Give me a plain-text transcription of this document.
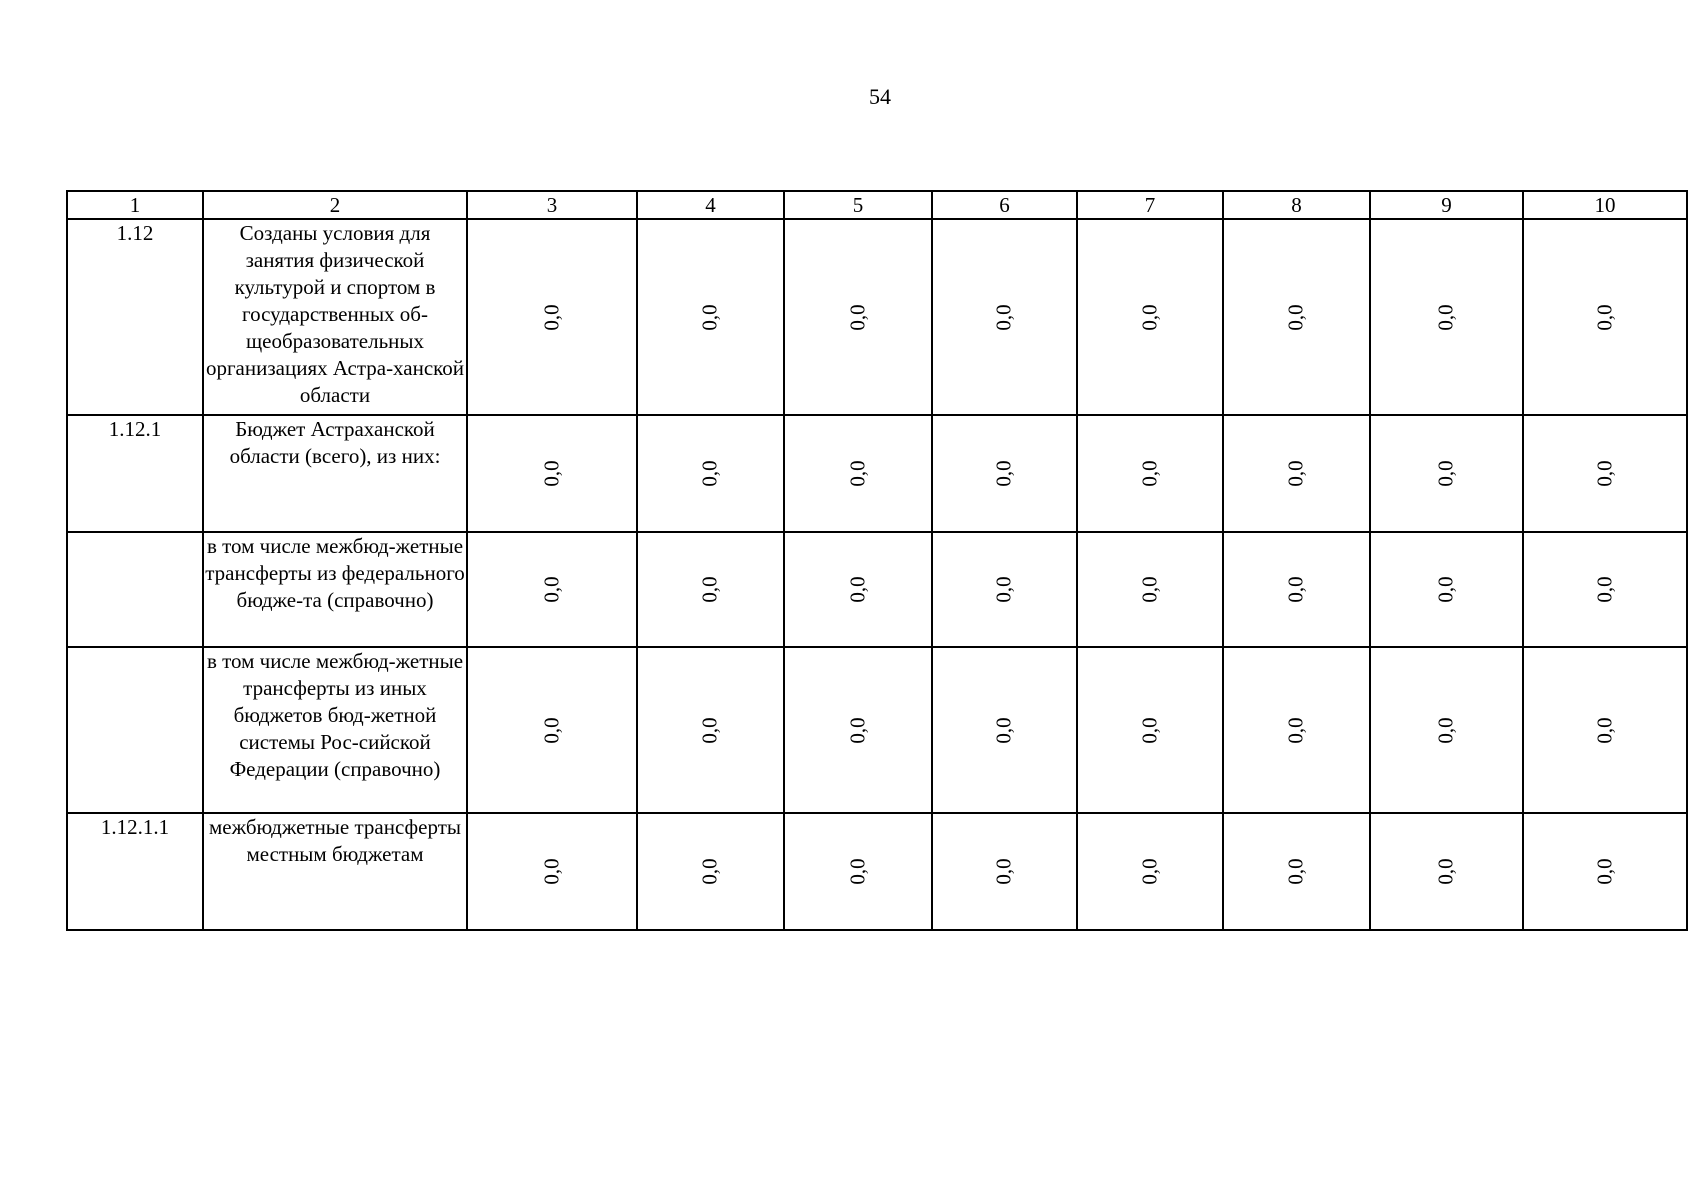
54
1	2	3	4	5	6	7	8	9	10
1.12	Созданы условия для занятия физической культурой и спортом в государственных об-щеобразовательных организациях Астра-ханской области	0,0	0,0	0,0	0,0	0,0	0,0	0,0	0,0
1.12.1	Бюджет Астраханской области (всего), из них:	0,0	0,0	0,0	0,0	0,0	0,0	0,0	0,0
	в том числе межбюд-жетные трансферты из федерального бюдже-та (справочно)	0,0	0,0	0,0	0,0	0,0	0,0	0,0	0,0
	в том числе межбюд-жетные трансферты из иных бюджетов бюд-жетной системы Рос-сийской Федерации (справочно)	0,0	0,0	0,0	0,0	0,0	0,0	0,0	0,0
1.12.1.1	межбюджетные трансферты местным бюджетам	0,0	0,0	0,0	0,0	0,0	0,0	0,0	0,0
